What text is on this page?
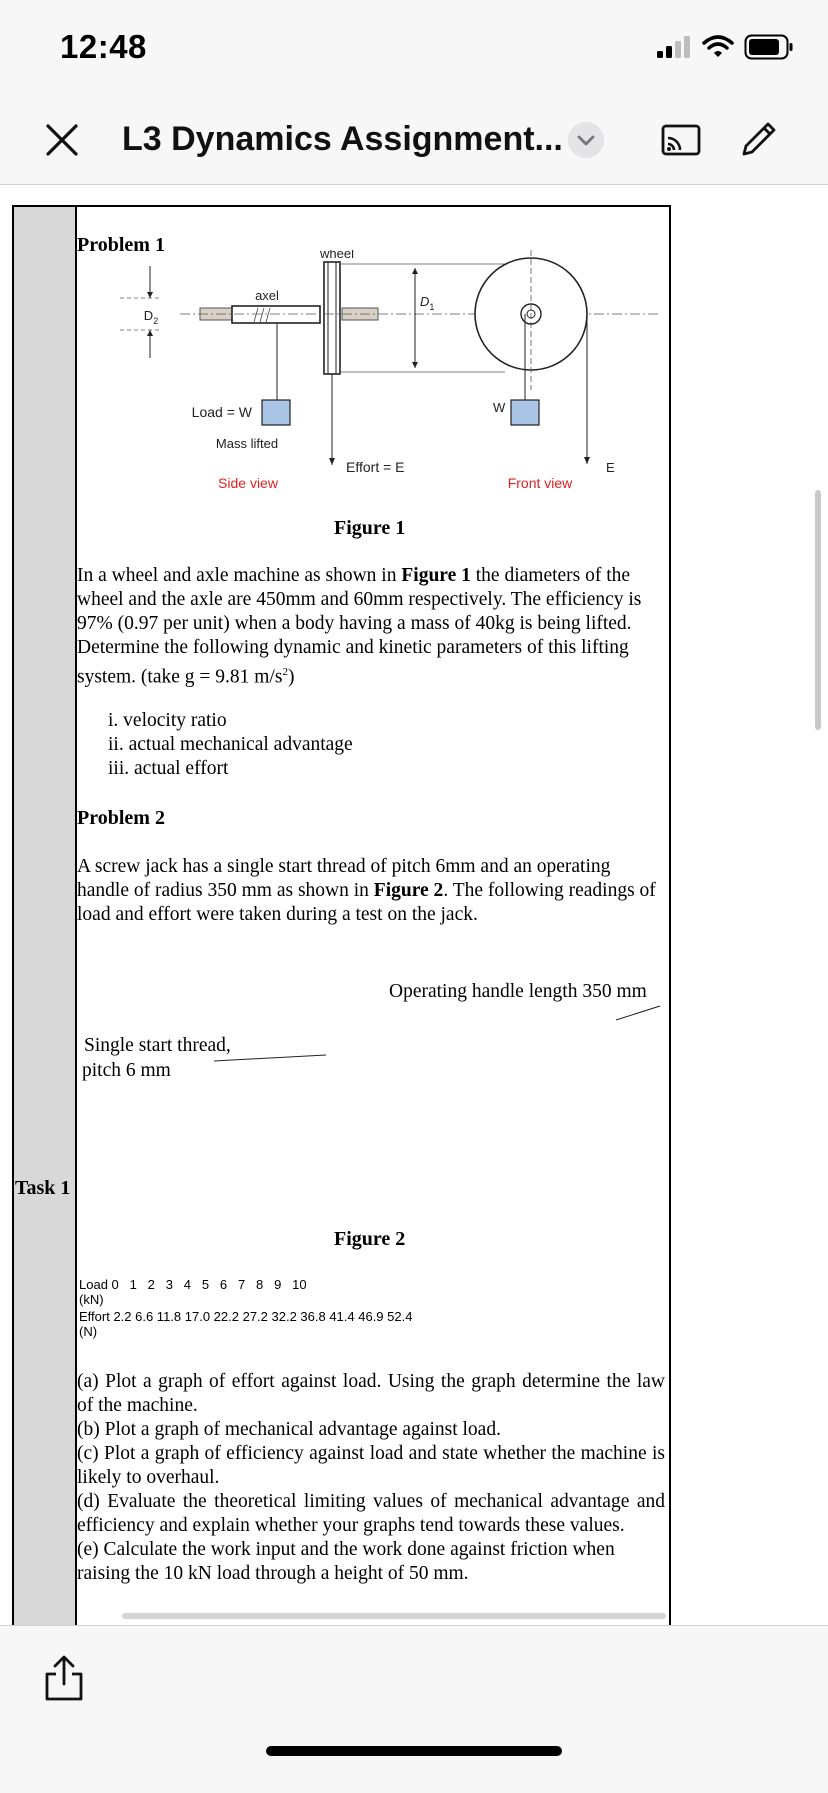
12:48
L3 Dynamics Assignment...
Task 1
Problem 1
$D_2$
axel
wheel
$D_1$
Load = W
Mass lifted
Effort = E
Side view
W
E
Front view
Figure 1
In a wheel and axle machine as shown in Figure 1 the diameters of the wheel and the axle are 450mm and 60mm respectively. The efficiency is 97% (0.97 per unit) when a body having a mass of 40kg is being lifted. Determine the following dynamic and kinetic parameters of this lifting system. (take g = 9.81 $m/s^2$)
i. velocity ratio
ii. actual mechanical advantage
iii. actual effort
Problem 2
A screw jack has a single start thread of pitch 6mm and an operating handle of radius 350 mm as shown in Figure 2. The following readings of load and effort were taken during a test on the jack.
Operating handle length 350 mm
Single start thread,
pitch 6 mm
Figure 2
Load 0   1   2   3   4   5   6   7   8   9   10
(kN)
Effort 2.2 6.6 11.8 17.0 22.2 27.2 32.2 36.8 41.4 46.9 52.4
(N)
(a) Plot a graph of effort against load. Using the graph determine the law of the machine.
(b) Plot a graph of mechanical advantage against load.
(c) Plot a graph of efficiency against load and state whether the machine is likely to overhaul.
(d) Evaluate the theoretical limiting values of mechanical advantage and efficiency and explain whether your graphs tend towards these values.
(e) Calculate the work input and the work done against friction when raising the 10 kN load through a height of 50 mm.
